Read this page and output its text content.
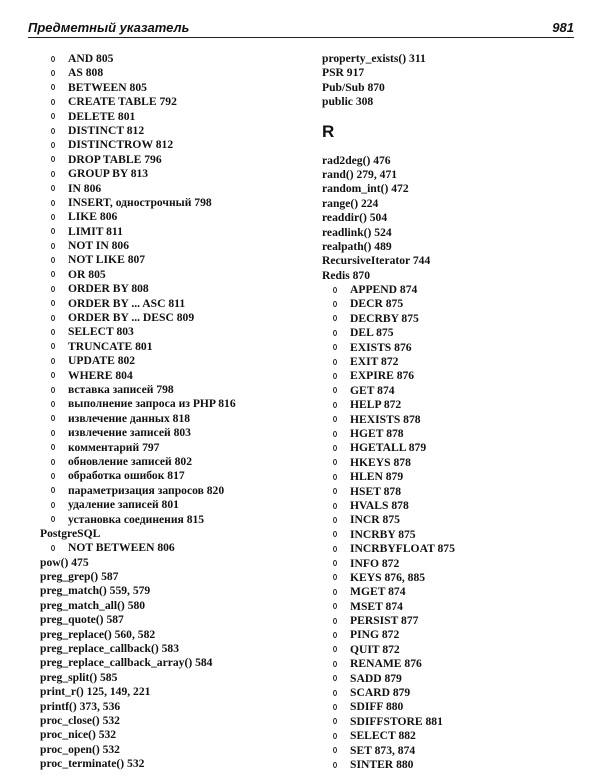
Предметный указатель	981
AND 805
AS 808
BETWEEN 805
CREATE TABLE 792
DELETE 801
DISTINCT 812
DISTINCTROW 812
DROP TABLE 796
GROUP BY 813
IN 806
INSERT, однострочный 798
LIKE 806
LIMIT 811
NOT IN 806
NOT LIKE 807
OR 805
ORDER BY 808
ORDER BY ... ASC 811
ORDER BY ... DESC 809
SELECT 803
TRUNCATE 801
UPDATE 802
WHERE 804
вставка записей 798
выполнение запроса из PHP 816
извлечение данных 818
извлечение записей 803
комментарий 797
обновление записей 802
обработка ошибок 817
параметризация запросов 820
удаление записей 801
установка соединения 815
PostgreSQL
NOT BETWEEN 806
pow() 475
preg_grep() 587
preg_match() 559, 579
preg_match_all() 580
preg_quote() 587
preg_replace() 560, 582
preg_replace_callback() 583
preg_replace_callback_array() 584
preg_split() 585
print_r() 125, 149, 221
printf() 373, 536
proc_close() 532
proc_nice() 532
proc_open() 532
proc_terminate() 532
property_exists() 311
PSR 917
Pub/Sub 870
public 308
R
rad2deg() 476
rand() 279, 471
random_int() 472
range() 224
readdir() 504
readlink() 524
realpath() 489
RecursiveIterator 744
Redis 870
APPEND 874
DECR 875
DECRBY 875
DEL 875
EXISTS 876
EXIT 872
EXPIRE 876
GET 874
HELP 872
HEXISTS 878
HGET 878
HGETALL 879
HKEYS 878
HLEN 879
HSET 878
HVALS 878
INCR 875
INCRBY 875
INCRBYFLOAT 875
INFO 872
KEYS 876, 885
MGET 874
MSET 874
PERSIST 877
PING 872
QUIT 872
RENAME 876
SADD 879
SCARD 879
SDIFF 880
SDIFFSTORE 881
SELECT 882
SET 873, 874
SINTER 880
